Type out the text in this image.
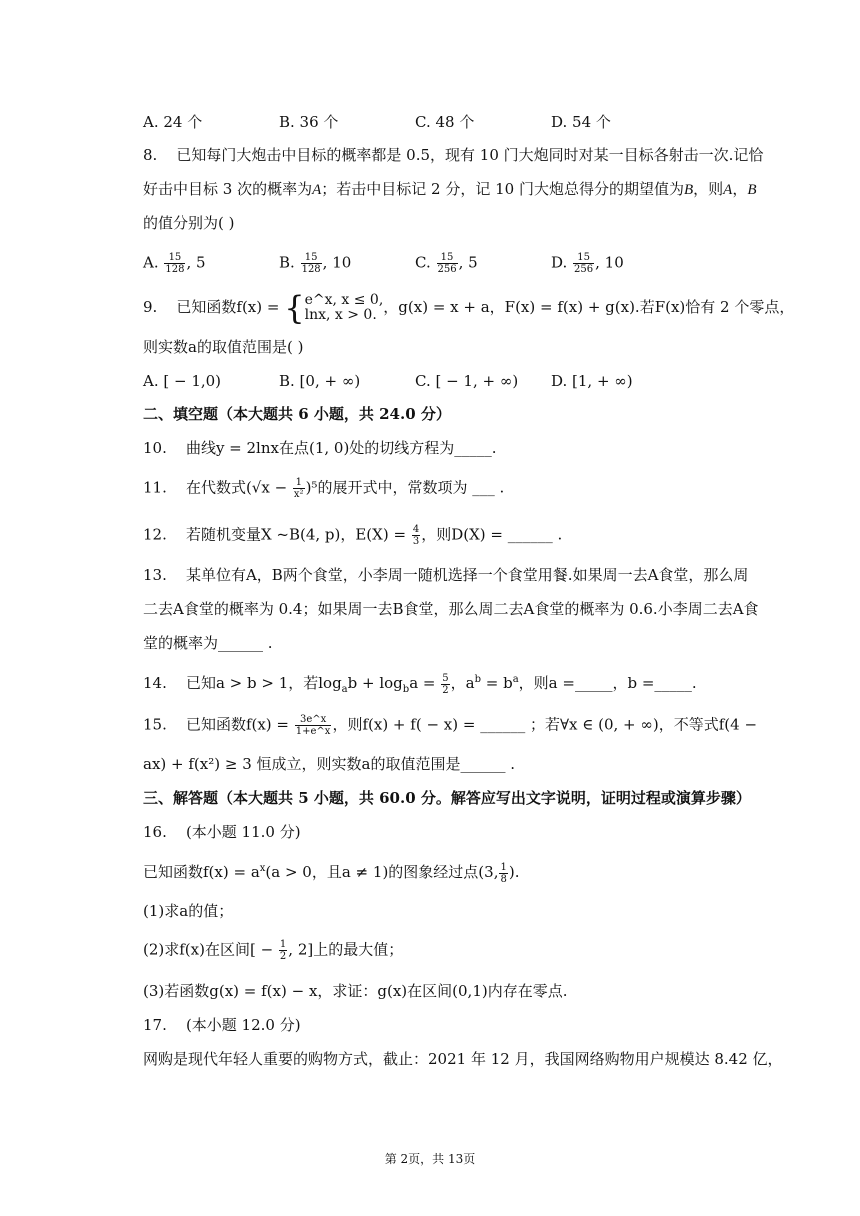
A. 24 个	B. 36 个	C. 48 个	D. 54 个
8. 已知每门大炮击中目标的概率都是 0.5，现有 10 门大炮同时对某一目标各射击一次.记恰
好击中目标 3 次的概率为A；若击中目标记 2 分，记 10 门大炮总得分的期望值为B，则A，B
的值分别为( )
A. $\frac{15}{128}$ , 5	B. $\frac{15}{128}$ , 10	C. $\frac{15}{256}$ , 5	D. $\frac{15}{256}$ , 10
9. 已知函数f(x) = {e^x, x ≤ 0,
lnx, x > 0. ，g(x) = x + a，F(x) = f(x) + g(x).若F(x)恰有 2 个零点，
则实数a的取值范围是( )
A. [ − 1,0)	B. [0, + ∞)	C. [ − 1, + ∞) D. [1, + ∞)
二、填空题（本大题共 6 小题，共 24.0 分）
10. 曲线y = 2lnx在点(1, 0)处的切线方程为_____.
11. 在代数式$(√x - \frac{1}{\text{x²}} )^5$的展开式中，常数项为 ___ .
12. 若随机变量X ~B(4, p)，$E(X) = \frac{4}{3}$ ，则D(X) = ______ .
13. 某单位有A，B两个食堂，小李周一随机选择一个食堂用餐.如果周一去A食堂，那么周
二去A食堂的概率为 0.4；如果周一去B食堂，那么周二去A食堂的概率为 0.6.小李周二去A食
堂的概率为______ .
14. 已知a > b > 1，若$\log_ab + \log_ba = \frac{5}{2}$ ，$a^b = b^a$，则a =_____，b =_____.
15. 已知函数$f(x) = \frac{3e\^{}x}{1+e\^{}x}$ ，则f(x) + f( − x) = ______ ；若∀x ∈ (0, + ∞)，不等式f(4 −
ax) + f(x²) ≥ 3 恒成立，则实数a的取值范围是______ .
三、解答题（本大题共 5 小题，共 60.0 分。解答应写出文字说明，证明过程或演算步骤）
16. (本小题 11.0 分)
已知函数$f(x) = a^x(a > 0$，且a ≠ 1)的图象经过点(3, $\frac{1}{8}$ ).
(1)求a的值；
(2)求f(x)在区间[ − $\frac{1}{2}$ , 2]上的最大值；
(3)若函数g(x) = f(x) − x，求证：g(x)在区间(0,1)内存在零点.
17. (本小题 12.0 分)
网购是现代年轻人重要的购物方式，截止：2021 年 12 月，我国网络购物用户规模达 8.42 亿，
第 2页，共 13页
